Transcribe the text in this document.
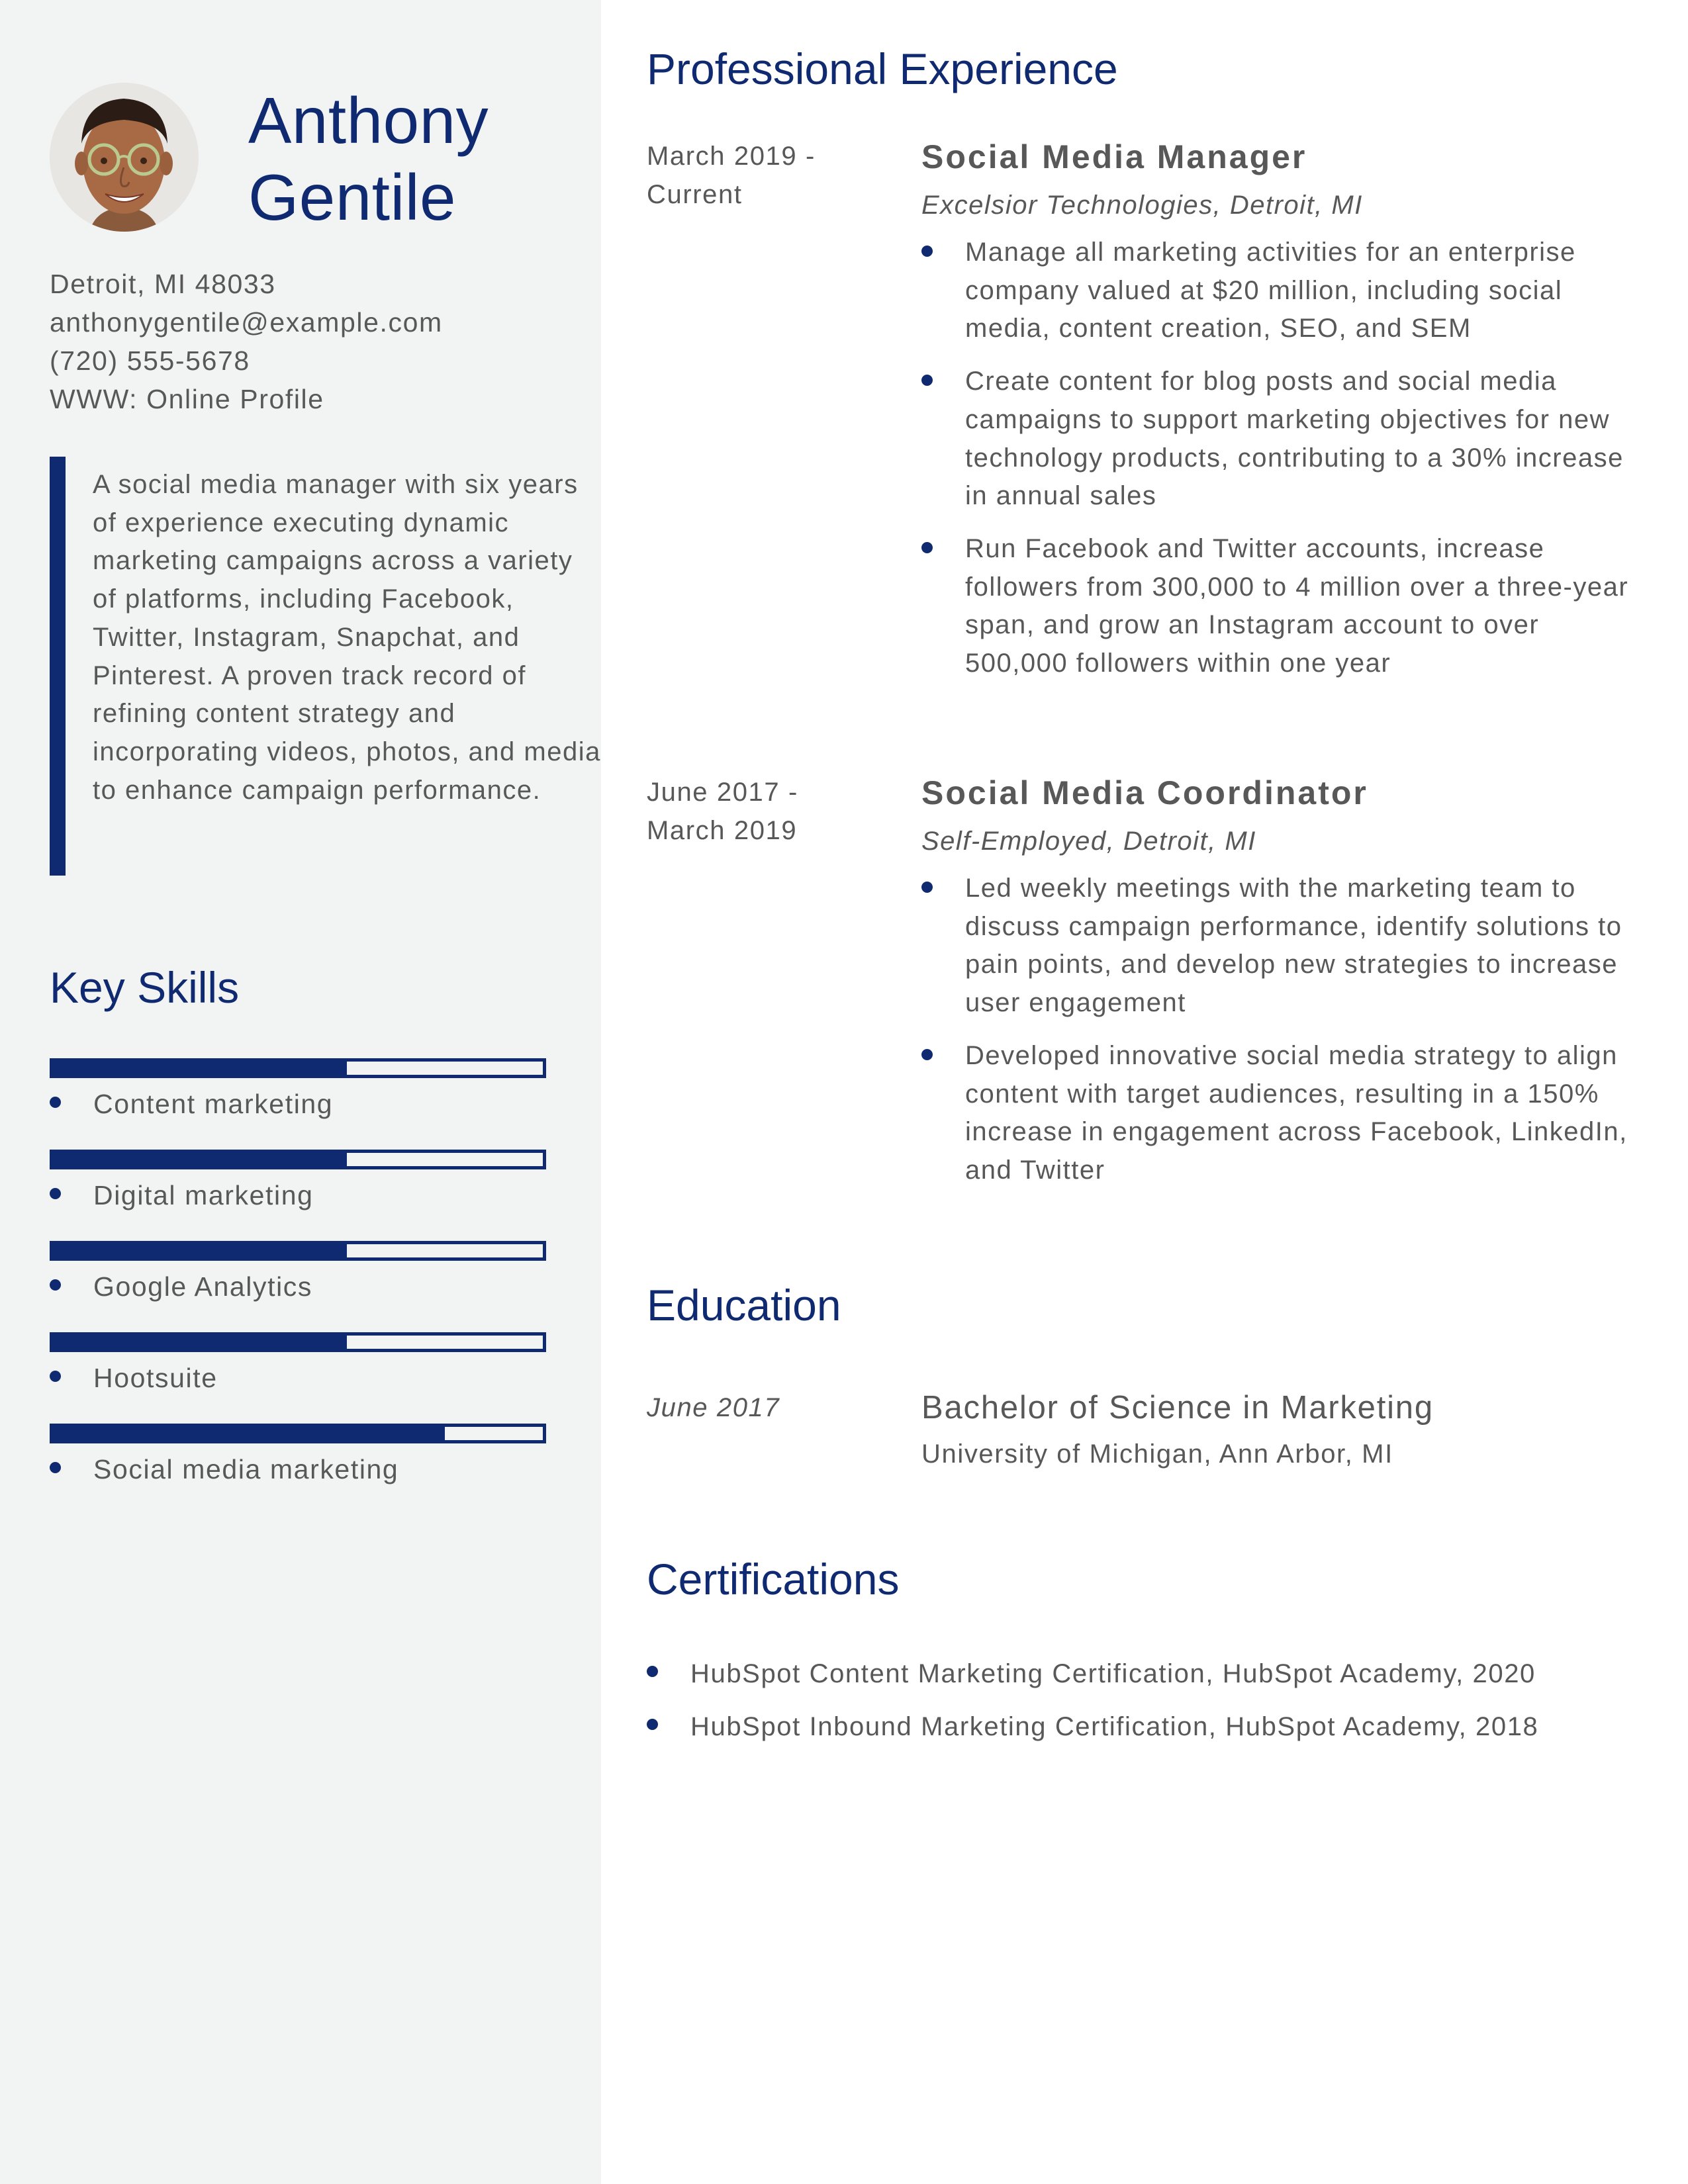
Anthony
Gentile
Detroit, MI 48033
anthonygentile@example.com
(720) 555-5678
WWW: Online Profile

A social media manager with six years of experience executing dynamic marketing campaigns across a variety of platforms, including Facebook, Twitter, Instagram, Snapchat, and Pinterest. A proven track record of refining content strategy and incorporating videos, photos, and media to enhance campaign performance.

Key Skills
Content marketing
Digital marketing
Google Analytics
Hootsuite
Social media marketing
Professional Experience
March 2019 -
Current
Social Media Manager
Excelsior Technologies, Detroit, MI
Manage all marketing activities for an enterprise company valued at $20 million, including social media, content creation, SEO, and SEM
Create content for blog posts and social media campaigns to support marketing objectives for new technology products, contributing to a 30% increase in annual sales
Run Facebook and Twitter accounts, increase followers from 300,000 to 4 million over a three-year span, and grow an Instagram account to over 500,000 followers within one year
June 2017 -
March 2019
Social Media Coordinator
Self-Employed, Detroit, MI
Led weekly meetings with the marketing team to discuss campaign performance, identify solutions to pain points, and develop new strategies to increase user engagement
Developed innovative social media strategy to align content with target audiences, resulting in a 150% increase in engagement across Facebook, LinkedIn, and Twitter
Education
June 2017	Bachelor of Science in Marketing
University of Michigan, Ann Arbor, MI
Certifications
HubSpot Content Marketing Certification, HubSpot Academy, 2020
HubSpot Inbound Marketing Certification, HubSpot Academy, 2018
